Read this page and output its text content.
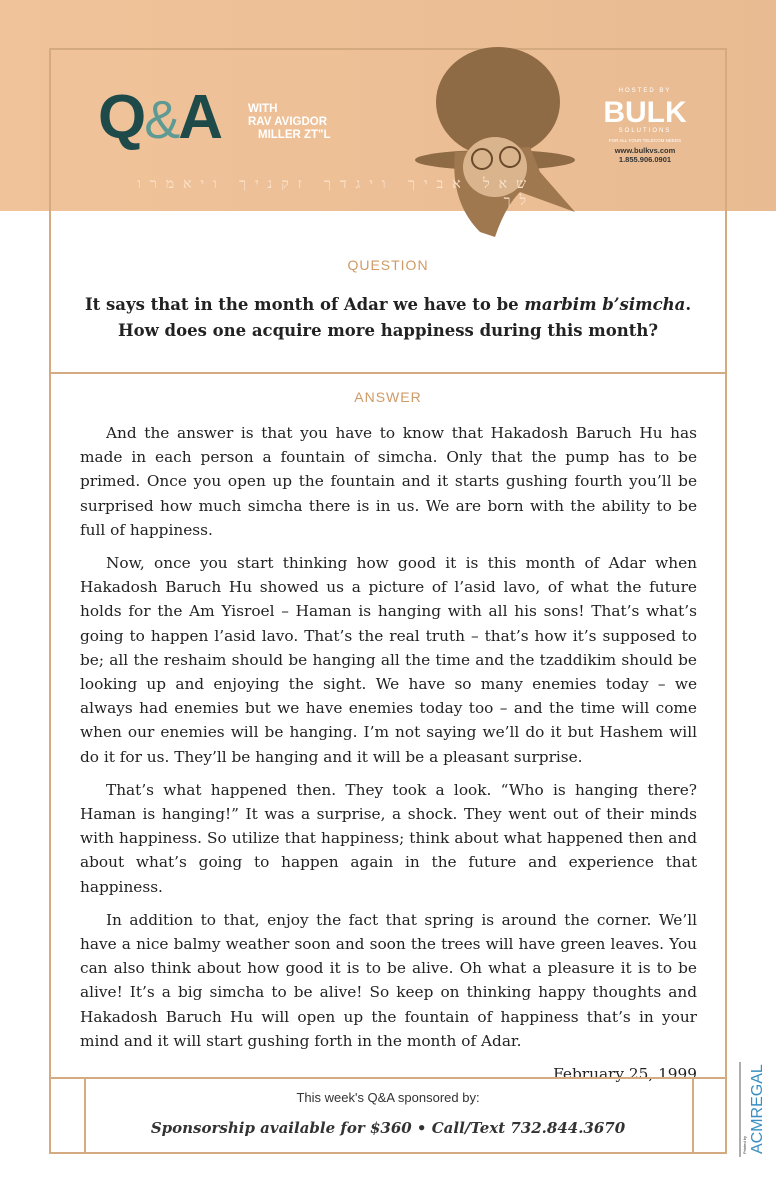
Q&A WITH
RAV AVIGDOR
MILLER ZT"L
שאל אביך ויגדך זקניך ויאמרו לך
HOSTED BY
BULK
SOLUTIONS
FOR ALL YOUR TELECOM NEEDS
www.bulkvs.com
1.855.906.0901
QUESTION
It says that in the month of Adar we have to be marbim b’simcha. How does one acquire more happiness during this month?
ANSWER

And the answer is that you have to know that Hakadosh Baruch Hu has made in each person a fountain of simcha. Only that the pump has to be primed. Once you open up the fountain and it starts gushing fourth you’ll be surprised how much simcha there is in us. We are born with the ability to be full of happiness.

Now, once you start thinking how good it is this month of Adar when Hakadosh Baruch Hu showed us a picture of l’asid lavo, of what the future holds for the Am Yisroel – Haman is hanging with all his sons! That’s what’s going to happen l’asid lavo. That’s the real truth – that’s how it’s supposed to be; all the reshaim should be hanging all the time and the tzaddikim should be looking up and enjoying the sight. We have so many enemies today – we always had enemies but we have enemies today too – and the time will come when our enemies will be hanging. I’m not saying we’ll do it but Hashem will do it for us. They’ll be hanging and it will be a pleasant surprise.

That’s what happened then. They took a look. “Who is hanging there? Haman is hanging!” It was a surprise, a shock. They went out of their minds with happiness. So utilize that happiness; think about what happened then and about what’s going to happen again in the future and experience that happiness.

In addition to that, enjoy the fact that spring is around the corner. We’ll have a nice balmy weather soon and soon the trees will have green leaves. You can also think about how good it is to be alive. Oh what a pleasure it is to be alive! It’s a big simcha to be alive! So keep on thinking happy thoughts and Hakadosh Baruch Hu will open up the fountain of happiness that’s in your mind and it will start gushing forth in the month of Adar.

February 25, 1999
This week's Q&A sponsored by:
Sponsorship available for $360 • Call/Text 732.844.3670	ACMREGAL
Printed by
